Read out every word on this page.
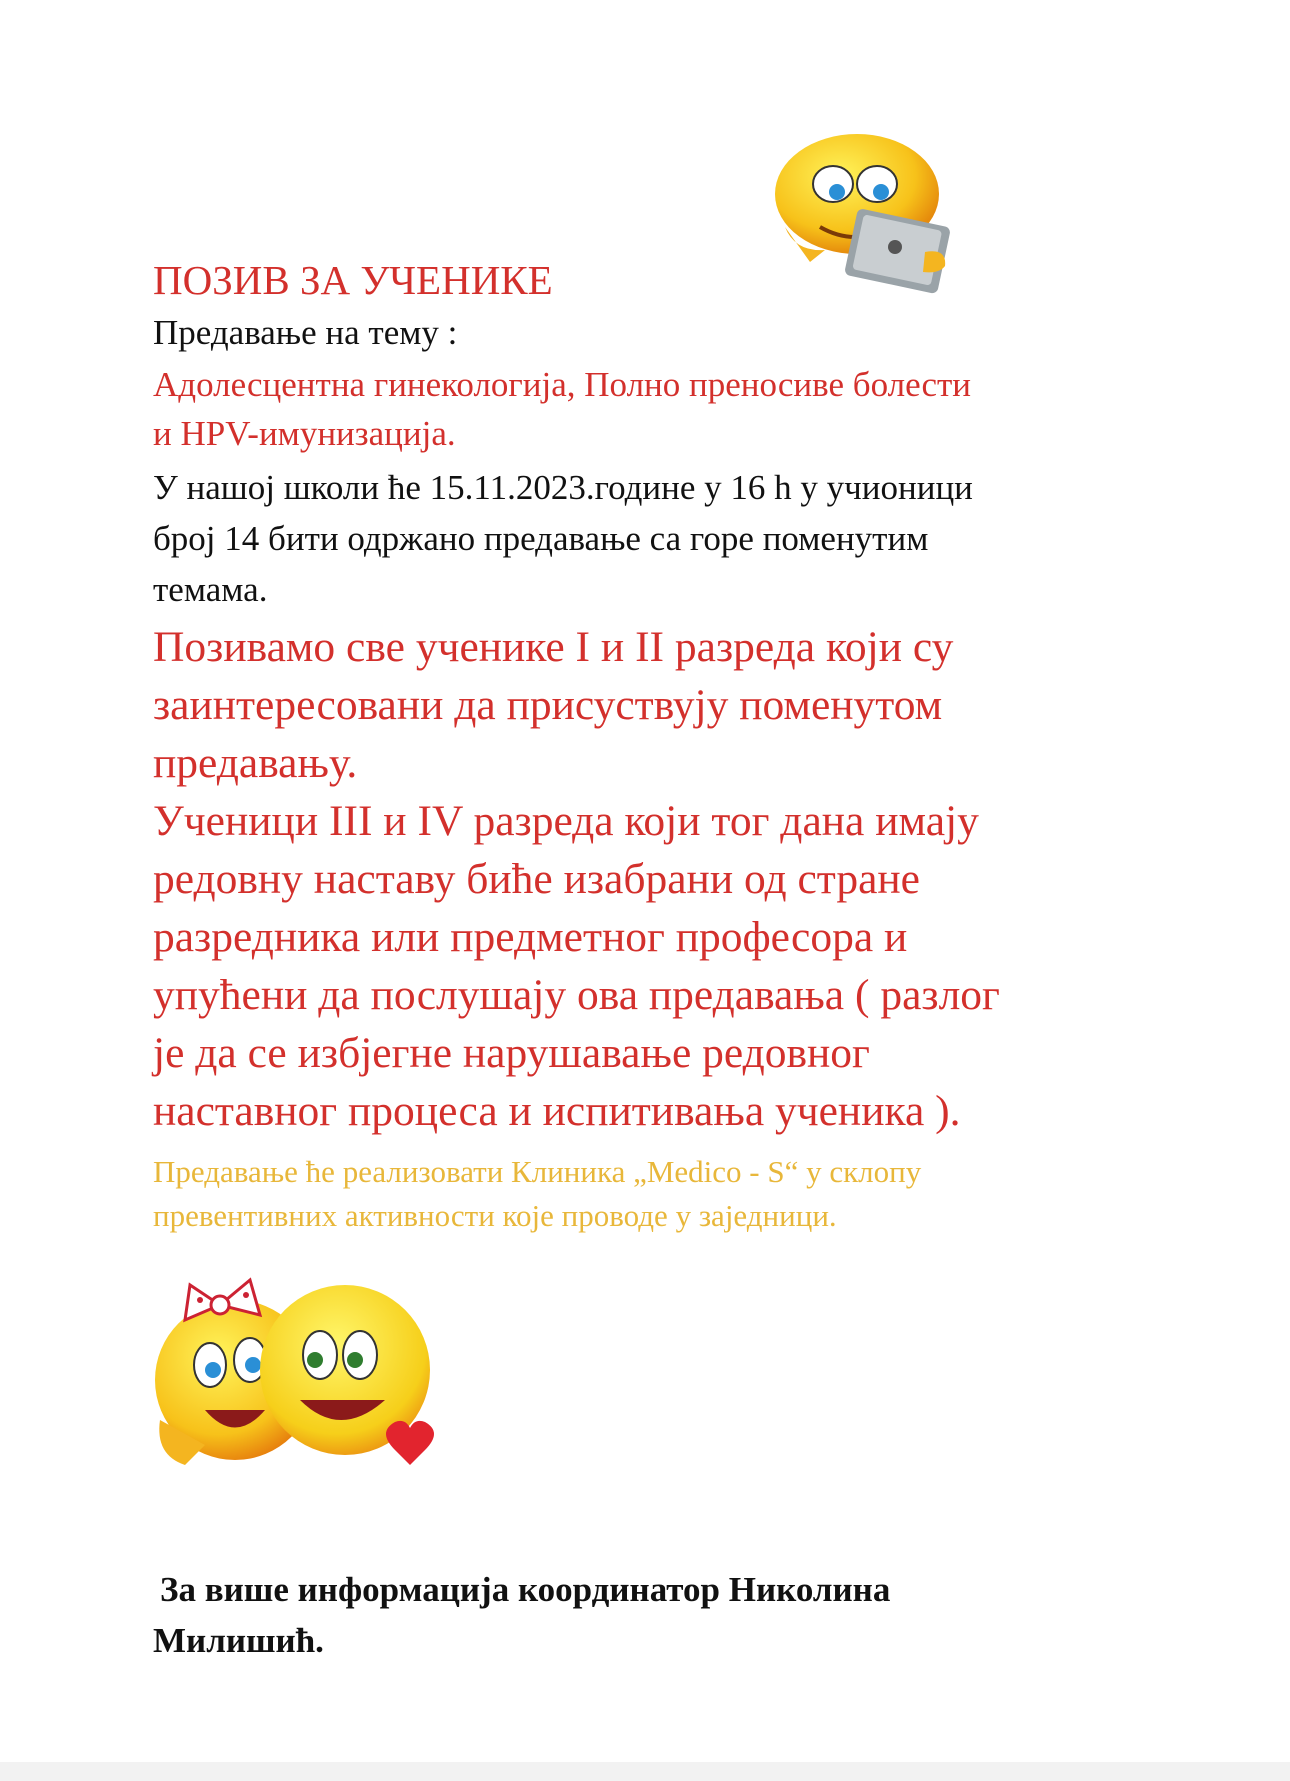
ПОЗИВ ЗА УЧЕНИКЕ

Предавање на тему :

Адолесцентна гинекологија, Полно преносиве болести

и HPV-имунизација.

У нашој школи ће 15.11.2023.године у 16 h у учионици

број 14 бити одржано предавање са горе поменутим

темама.

Позивамо све ученике I и II разреда који су

заинтересовани да присуствују поменутом

предавању.

Ученици III и IV разреда који тог дана имају

редовну наставу биће изабрани од стране

разредника или предметног професора и

упућени да послушају ова предавања ( разлог

је да се избјегне нарушавање редовног

наставног процеса и испитивања ученика ).

Предавање ће реализовати Клиника „Medico - S“ у склопу

превентивних активности које проводе у заједници.

За више информација координатор Николина

Милишић.
